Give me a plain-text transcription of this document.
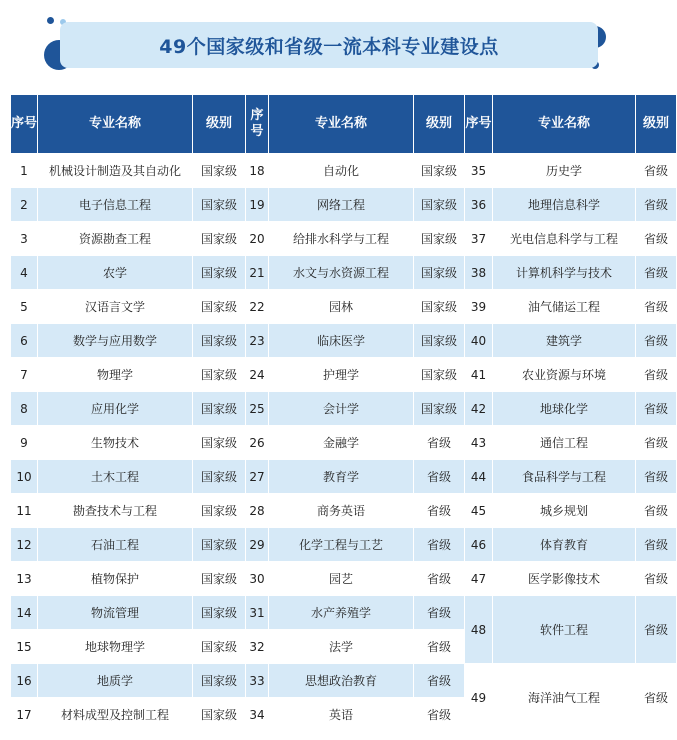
49个国家级和省级一流本科专业建设点
序号	专业名称	级别	序号	专业名称	级别	序号	专业名称	级别
1	机械设计制造及其自动化	国家级	18	自动化	国家级	35	历史学	省级
2	电子信息工程	国家级	19	网络工程	国家级	36	地理信息科学	省级
3	资源勘查工程	国家级	20	给排水科学与工程	国家级	37	光电信息科学与工程	省级
4	农学	国家级	21	水文与水资源工程	国家级	38	计算机科学与技术	省级
5	汉语言文学	国家级	22	园林	国家级	39	油气储运工程	省级
6	数学与应用数学	国家级	23	临床医学	国家级	40	建筑学	省级
7	物理学	国家级	24	护理学	国家级	41	农业资源与环境	省级
8	应用化学	国家级	25	会计学	国家级	42	地球化学	省级
9	生物技术	国家级	26	金融学	省级	43	通信工程	省级
10	土木工程	国家级	27	教育学	省级	44	食品科学与工程	省级
11	勘查技术与工程	国家级	28	商务英语	省级	45	城乡规划	省级
12	石油工程	国家级	29	化学工程与工艺	省级	46	体育教育	省级
13	植物保护	国家级	30	园艺	省级	47	医学影像技术	省级
14	物流管理	国家级	31	水产养殖学	省级	48	软件工程	省级
15	地球物理学	国家级	32	法学	省级			
16	地质学	国家级	33	思想政治教育	省级	49	海洋油气工程	省级
17	材料成型及控制工程	国家级	34	英语	省级			
